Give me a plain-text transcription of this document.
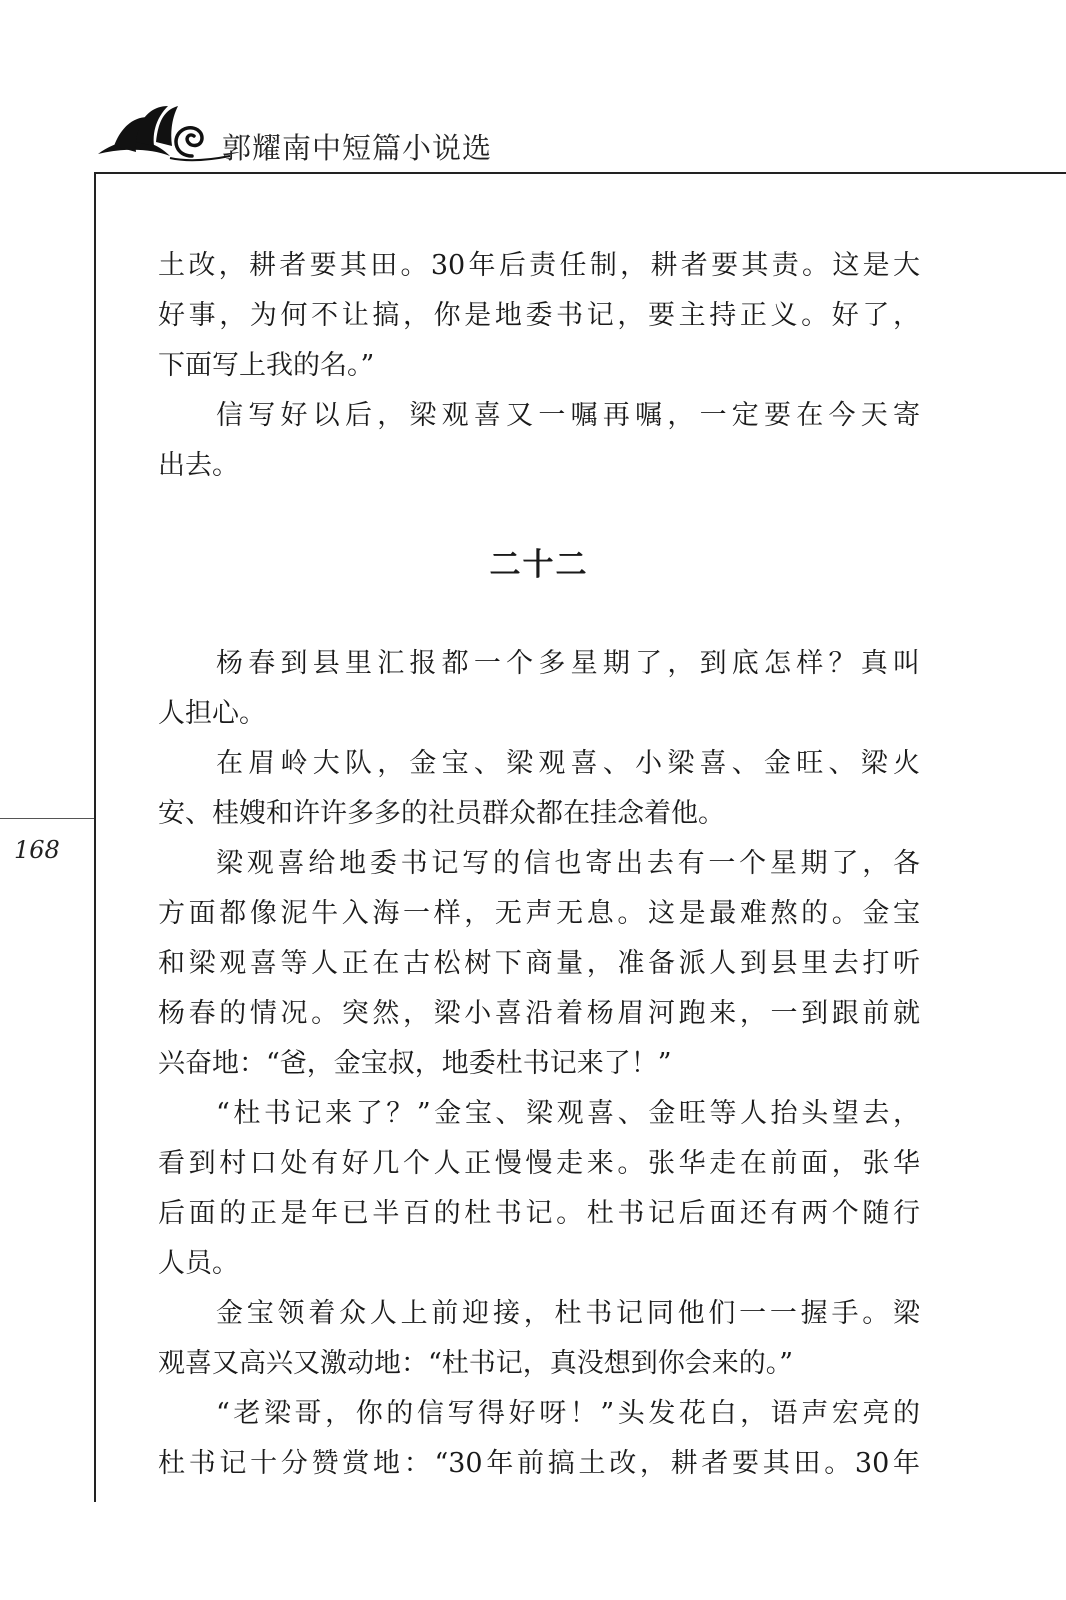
郭耀南中短篇小说选
168
土改，耕者要其田。30年后责任制，耕者要其责。这是大
好事，为何不让搞，你是地委书记，要主持正义。好了，
下面写上我的名。”
信写好以后，梁观喜又一嘱再嘱，一定要在今天寄
出去。
二十二
杨春到县里汇报都一个多星期了，到底怎样？真叫
人担心。
在眉岭大队，金宝、梁观喜、小梁喜、金旺、梁火
安、桂嫂和许许多多的社员群众都在挂念着他。
梁观喜给地委书记写的信也寄出去有一个星期了，各
方面都像泥牛入海一样，无声无息。这是最难熬的。金宝
和梁观喜等人正在古松树下商量，准备派人到县里去打听
杨春的情况。突然，梁小喜沿着杨眉河跑来，一到跟前就
兴奋地：“爸，金宝叔，地委杜书记来了！”
“杜书记来了？”金宝、梁观喜、金旺等人抬头望去，
看到村口处有好几个人正慢慢走来。张华走在前面，张华
后面的正是年已半百的杜书记。杜书记后面还有两个随行
人员。
金宝领着众人上前迎接，杜书记同他们一一握手。梁
观喜又高兴又激动地：“杜书记，真没想到你会来的。”
“老梁哥，你的信写得好呀！”头发花白，语声宏亮的
杜书记十分赞赏地：“30年前搞土改，耕者要其田。30年
